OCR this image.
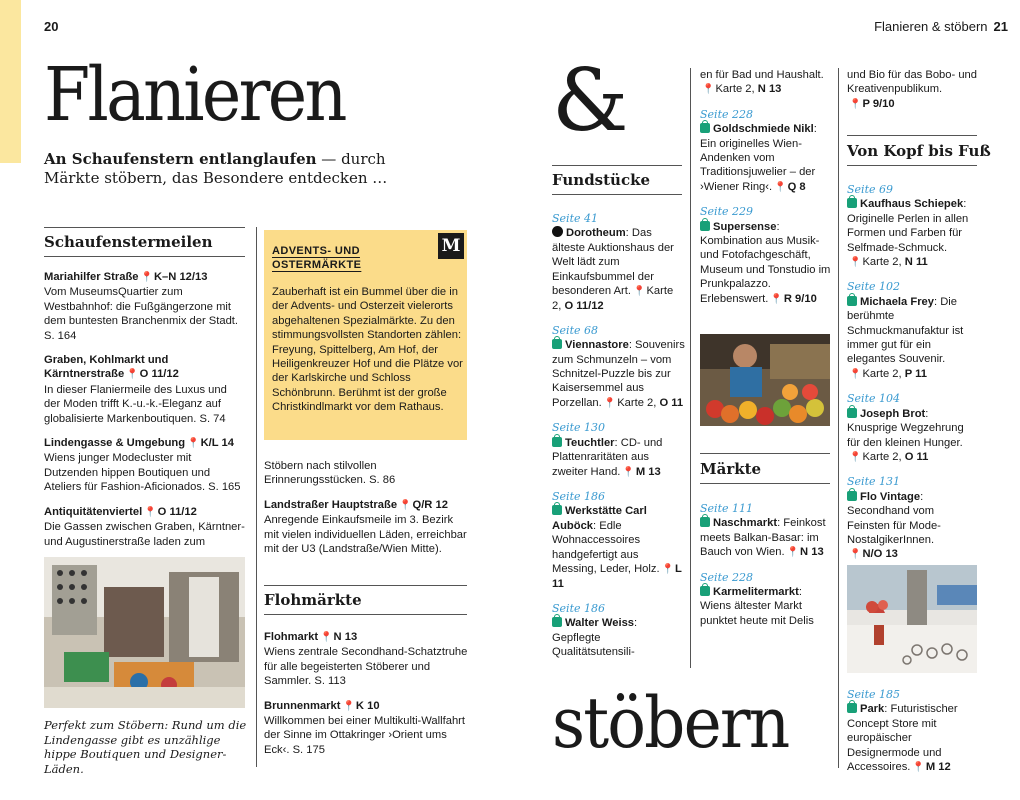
20	Flanieren & stöbern 21
Flanieren &
stöbern
An Schaufenstern entlanglaufen — durch Märkte stöbern, das Besondere entdecken …
Schaufenstermeilen

Mariahilfer Straße 📍K–N 12/13

Vom MuseumsQuartier zum Westbahnhof: die Fußgängerzone mit dem buntesten Branchenmix der Stadt. S. 164

Graben, Kohlmarkt und Kärntnerstraße 📍O 11/12

In dieser Flaniermeile des Luxus und der Moden trifft K.-u.-k.-Eleganz auf globalisierte Markenboutiquen. S. 74

Lindengasse & Umgebung 📍K/L 14

Wiens junger Modecluster mit Dutzenden hippen Boutiquen und Ateliers für Fashion-Aficionados. S. 165

Antiquitätenviertel 📍O 11/12

Die Gassen zwischen Graben, Kärntner- und Augustinerstraße laden zum

Perfekt zum Stöbern: Rund um die Lindengasse gibt es unzählige hippe Boutiquen und Designer-Läden.
M
ADVENTS- UND OSTERMÄRKTE
Zauberhaft ist ein Bummel über die in der Advents- und Osterzeit vielerorts abgehaltenen Spezialmärkte. Zu den stimmungsvollsten Standorten zählen: Freyung, Spittelberg, Am Hof, der Heiligenkreuzer Hof und die Plätze vor der Karlskirche und Schloss Schönbrunn. Berühmt ist der große Christkindlmarkt vor dem Rathaus.

Stöbern nach stilvollen Erinnerungsstücken. S. 86

Landstraßer Hauptstraße 📍Q/R 12

Anregende Einkaufsmeile im 3. Bezirk mit vielen individuellen Läden, erreichbar mit der U3 (Landstraße/Wien Mitte).

Flohmärkte

Flohmarkt 📍N 13

Wiens zentrale Secondhand-Schatztruhe für alle begeisterten Stöberer und Sammler. S. 113

Brunnenmarkt 📍K 10

Willkommen bei einer Multikulti-Wallfahrt der Sinne im Ottakringer ›Orient ums Eck‹. S. 175

Fundstücke

Seite 41

Dorotheum: Das älteste Auktionshaus der Welt lädt zum Einkaufsbummel der besonderen Art. 📍Karte 2, O 11/12

Seite 68

Viennastore: Souvenirs zum Schmunzeln – vom Schnitzel-Puzzle bis zur Kaisersemmel aus Porzellan. 📍Karte 2, O 11

Seite 130

Teuchtler: CD- und Plattenraritäten aus zweiter Hand. 📍M 13

Seite 186

Werkstätte Carl Auböck: Edle Wohnaccessoires handgefertigt aus Messing, Leder, Holz. 📍L 11

Seite 186

Walter Weiss: Gepflegte Qualitätsutensili-

en für Bad und Haushalt.
📍Karte 2, N 13

Seite 228

Goldschmiede Nikl: Ein originelles Wien-Andenken vom Traditionsjuwelier – der ›Wiener Ring‹. 📍Q 8

Seite 229

Supersense: Kombination aus Musik- und Fotofachgeschäft, Museum und Tonstudio im Prunkpalazzo. Erlebenswert. 📍R 9/10

Märkte

Seite 111

Naschmarkt: Feinkost meets Balkan-Basar: im Bauch von Wien. 📍N 13

Seite 228

Karmelitermarkt: Wiens ältester Markt punktet heute mit Delis

und Bio für das Bobo- und Kreativenpublikum.
📍P 9/10

Von Kopf bis Fuß

Seite 69

Kaufhaus Schiepek: Originelle Perlen in allen Formen und Farben für Selfmade-Schmuck.
📍Karte 2, N 11

Seite 102

Michaela Frey: Die berühmte Schmuckmanufaktur ist immer gut für ein elegantes Souvenir.
📍Karte 2, P 11

Seite 104

Joseph Brot: Knusprige Wegzehrung für den kleinen Hunger.
📍Karte 2, O 11

Seite 131

Flo Vintage: Secondhand vom Feinsten für Mode-NostalgikerInnen.
📍N/O 13

Seite 185

Park: Futuristischer Concept Store mit europäischer Designermode und Accessoires. 📍M 12
